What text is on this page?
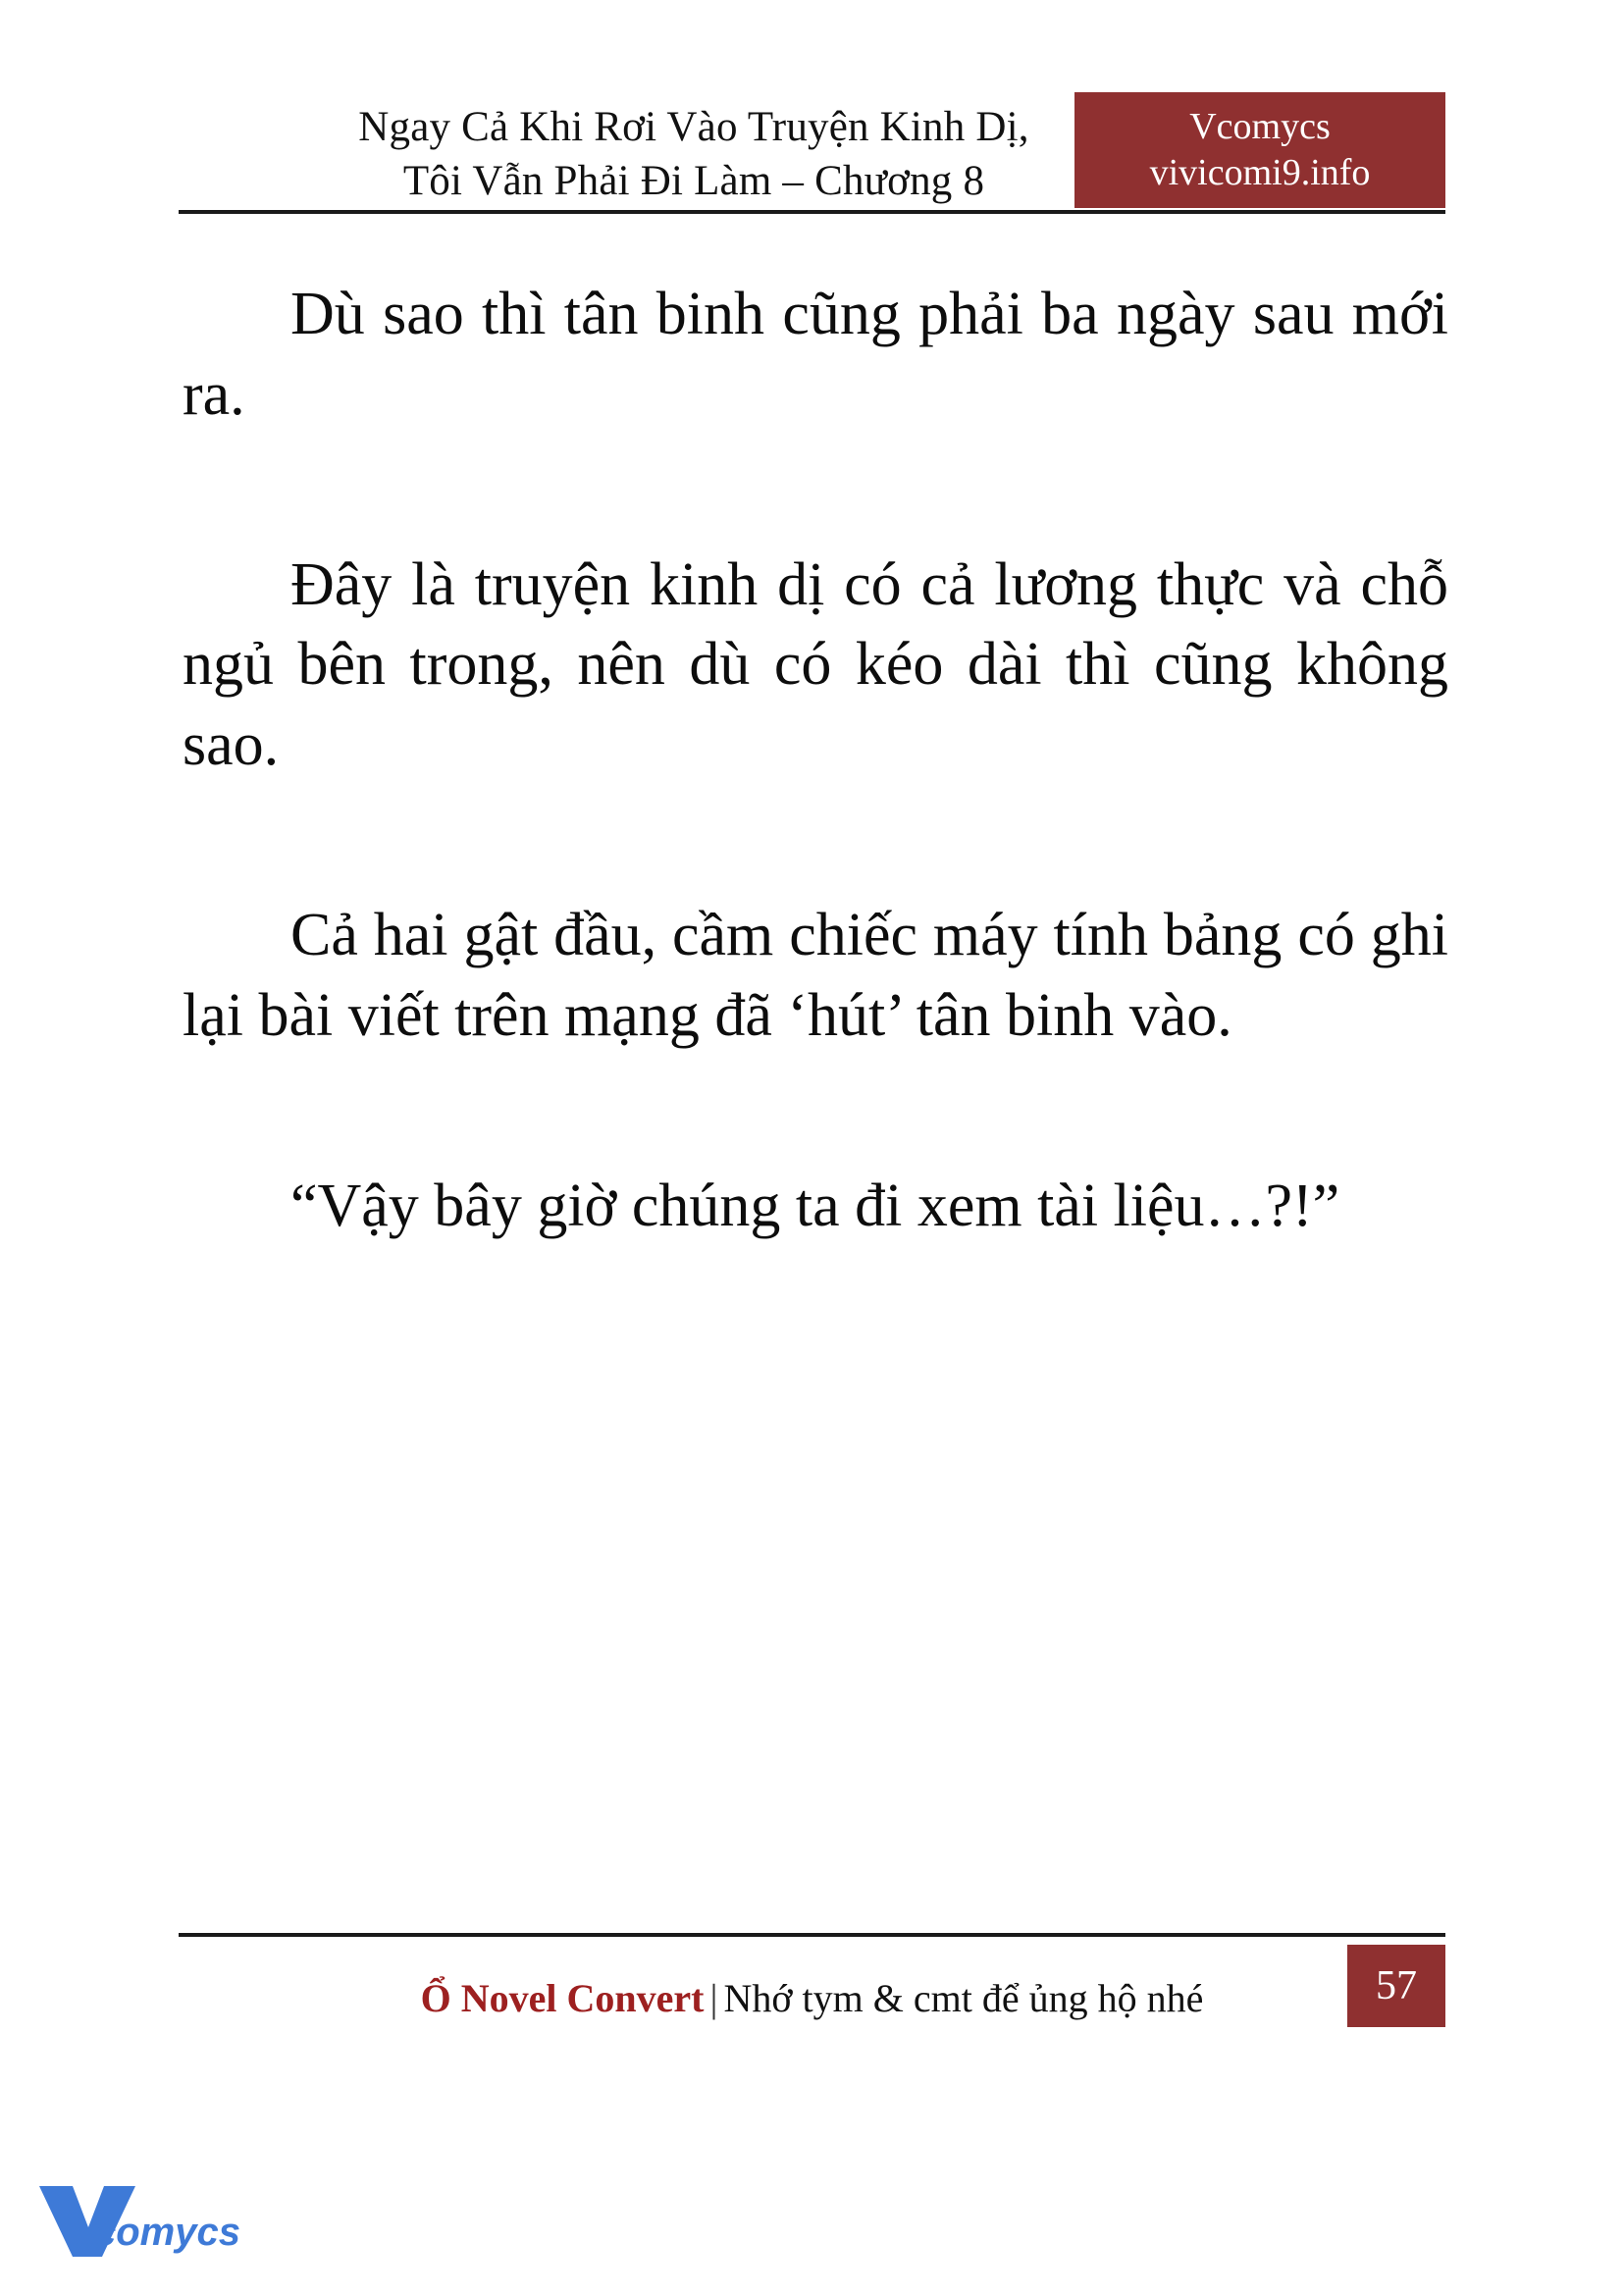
Ngay Cả Khi Rơi Vào Truyện Kinh Dị,
Tôi Vẫn Phải Đi Làm – Chương 8
Vcomycs
vivicomi9.info

Dù sao thì tân binh cũng phải ba ngày sau mới ra.

Đây là truyện kinh dị có cả lương thực và chỗ ngủ bên trong, nên dù có kéo dài thì cũng không sao.

Cả hai gật đầu, cầm chiếc máy tính bảng có ghi lại bài viết trên mạng đã ‘hút’ tân binh vào.

“Vậy bây giờ chúng ta đi xem tài liệu…?!”

Ổ Novel Convert | Nhớ tym & cmt để ủng hộ nhé	57
comycs
